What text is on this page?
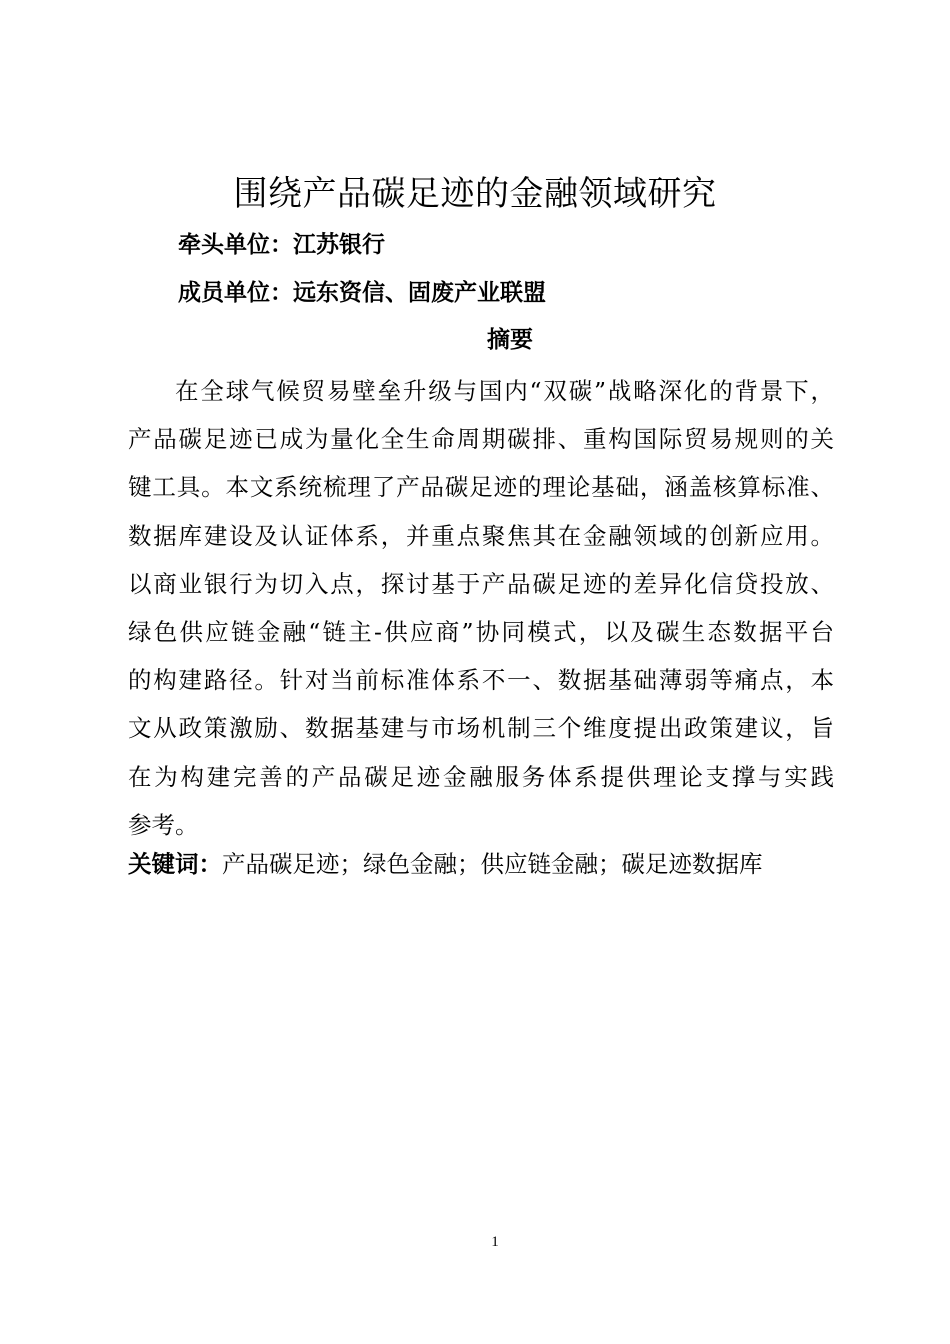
围绕产品碳足迹的金融领域研究
牵头单位：江苏银行
成员单位：远东资信、固废产业联盟
摘要
在全球气候贸易壁垒升级与国内“双碳”战略深化的背景下，
产品碳足迹已成为量化全生命周期碳排、重构国际贸易规则的关
键工具。本文系统梳理了产品碳足迹的理论基础，涵盖核算标准、
数据库建设及认证体系，并重点聚焦其在金融领域的创新应用。
以商业银行为切入点，探讨基于产品碳足迹的差异化信贷投放、
绿色供应链金融“链主-供应商”协同模式，以及碳生态数据平台
的构建路径。针对当前标准体系不一、数据基础薄弱等痛点，本
文从政策激励、数据基建与市场机制三个维度提出政策建议，旨
在为构建完善的产品碳足迹金融服务体系提供理论支撑与实践
参考。
关键词：产品碳足迹；绿色金融；供应链金融；碳足迹数据库
1
